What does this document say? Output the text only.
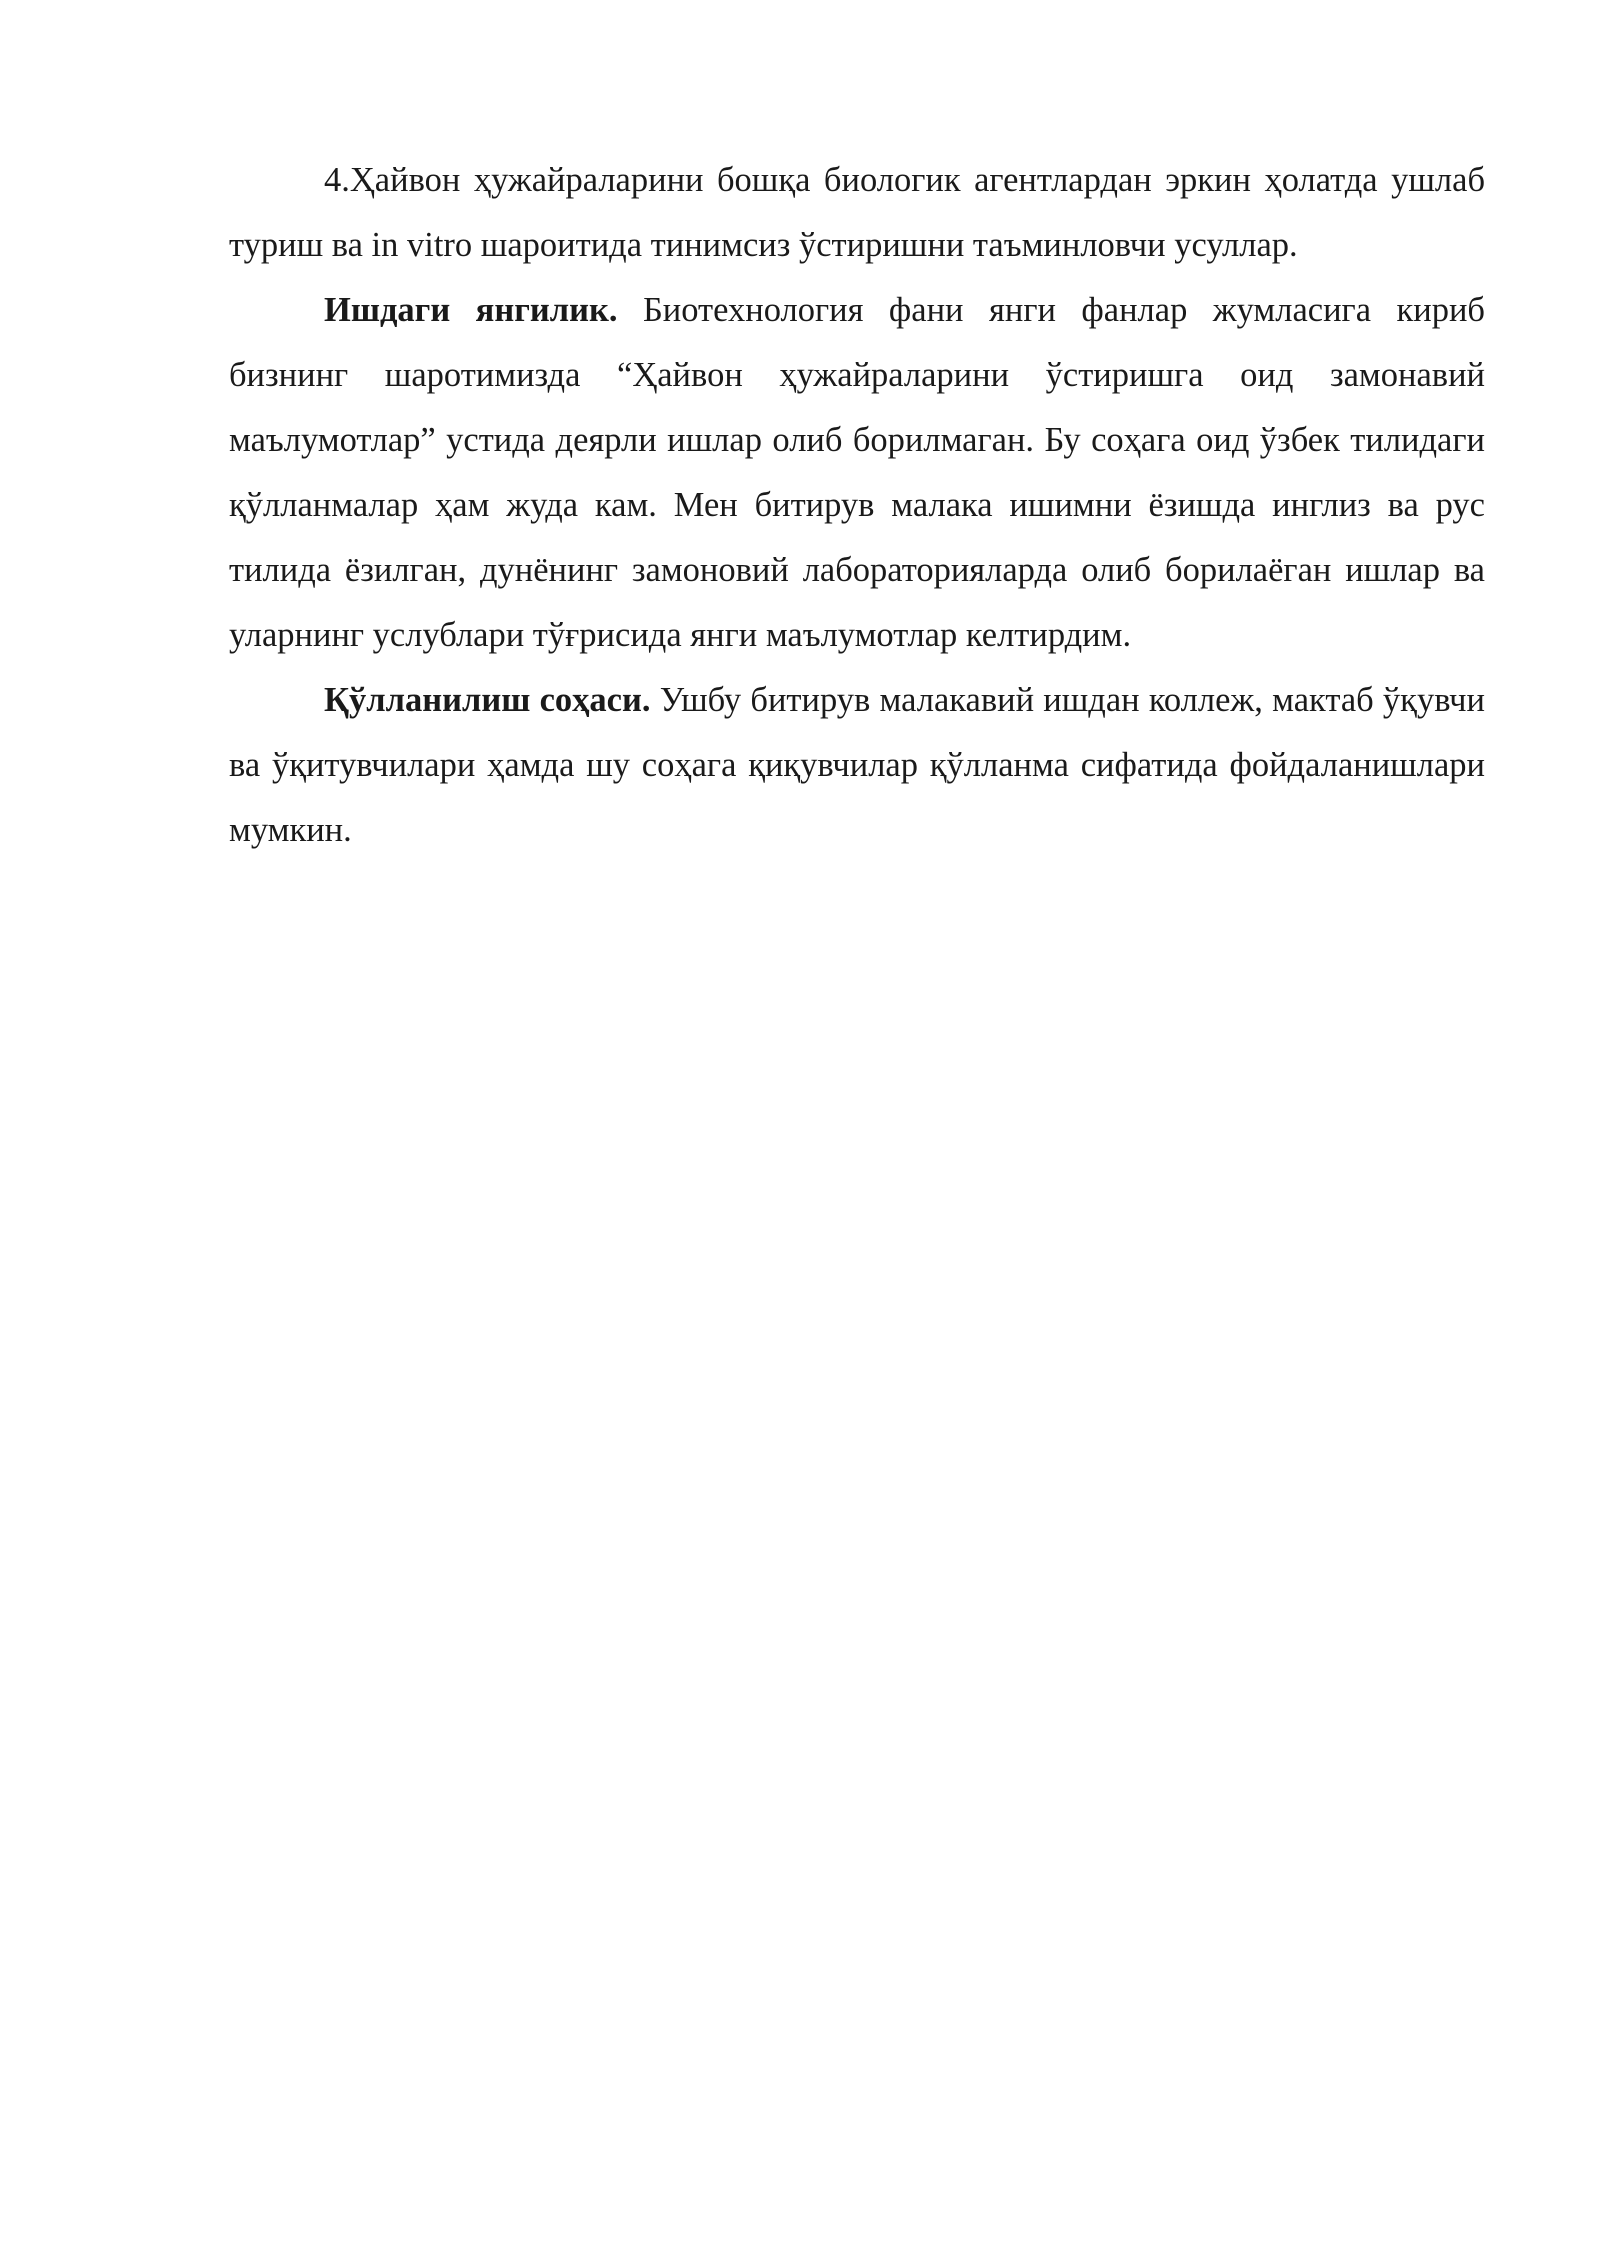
4.Ҳайвон ҳужайраларини бошқа биологик агентлардан эркин ҳолатда ушлаб туриш ва in vitro шароитида тинимсиз ўстиришни таъминловчи усуллар.

Ишдаги янгилик. Биотехнология фани янги фанлар жумласига кириб бизнинг шаротимизда “Ҳайвон ҳужайраларини ўстиришга оид замонавий маълумотлар” устида деярли ишлар олиб борилмаган. Бу соҳага оид ўзбек тилидаги қўлланмалар ҳам жуда кам. Мен битирув малака ишимни ёзишда инглиз ва рус тилида ёзилган, дунёнинг замоновий лабораторияларда олиб борилаёган ишлар ва уларнинг услублари тўғрисида янги маълумотлар келтирдим.

Қўлланилиш соҳаси. Ушбу битирув малакавий ишдан коллеж, мактаб ўқувчи ва ўқитувчилари ҳамда шу соҳага қиқувчилар қўлланма сифатида фойдаланишлари мумкин.
